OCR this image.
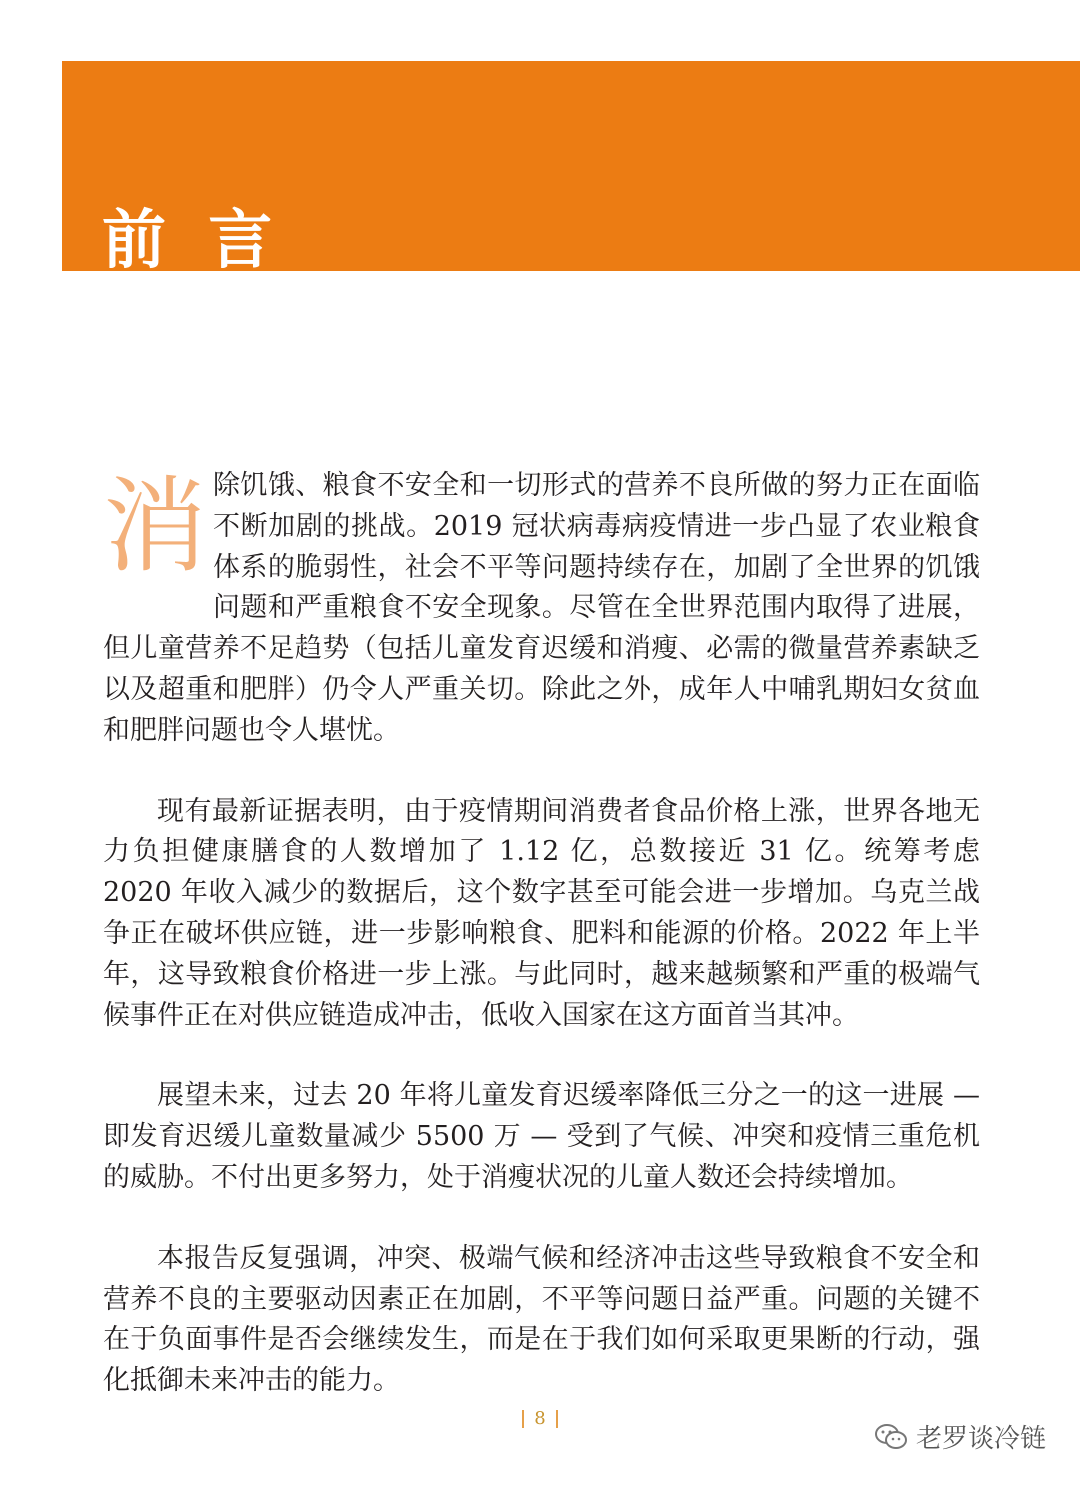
前 言

消 除饥饿、粮食不安全和一切形式的营养不良所做的努力正在面临不断加剧的挑战。2019 冠状病毒病疫情进一步凸显了农业粮食体系的脆弱性，社会不平等问题持续存在，加剧了全世界的饥饿问题和严重粮食不安全现象。尽管在全世界范围内取得了进展，但儿童营养不足趋势（包括儿童发育迟缓和消瘦、必需的微量营养素缺乏以及超重和肥胖）仍令人严重关切。除此之外，成年人中哺乳期妇女贫血和肥胖问题也令人堪忧。

现有最新证据表明，由于疫情期间消费者食品价格上涨，世界各地无力负担健康膳食的人数增加了 1.12 亿，总数接近 31 亿。统筹考虑 2020 年收入减少的数据后，这个数字甚至可能会进一步增加。乌克兰战争正在破坏供应链，进一步影响粮食、肥料和能源的价格。2022 年上半年，这导致粮食价格进一步上涨。与此同时，越来越频繁和严重的极端气候事件正在对供应链造成冲击，低收入国家在这方面首当其冲。

展望未来，过去 20 年将儿童发育迟缓率降低三分之一的这一进展 — 即发育迟缓儿童数量减少 5500 万 — 受到了气候、冲突和疫情三重危机的威胁。不付出更多努力，处于消瘦状况的儿童人数还会持续增加。

本报告反复强调，冲突、极端气候和经济冲击这些导致粮食不安全和营养不良的主要驱动因素正在加剧，不平等问题日益严重。问题的关键不在于负面事件是否会继续发生，而是在于我们如何采取更果断的行动，强化抵御未来冲击的能力。

8
老罗谈冷链
